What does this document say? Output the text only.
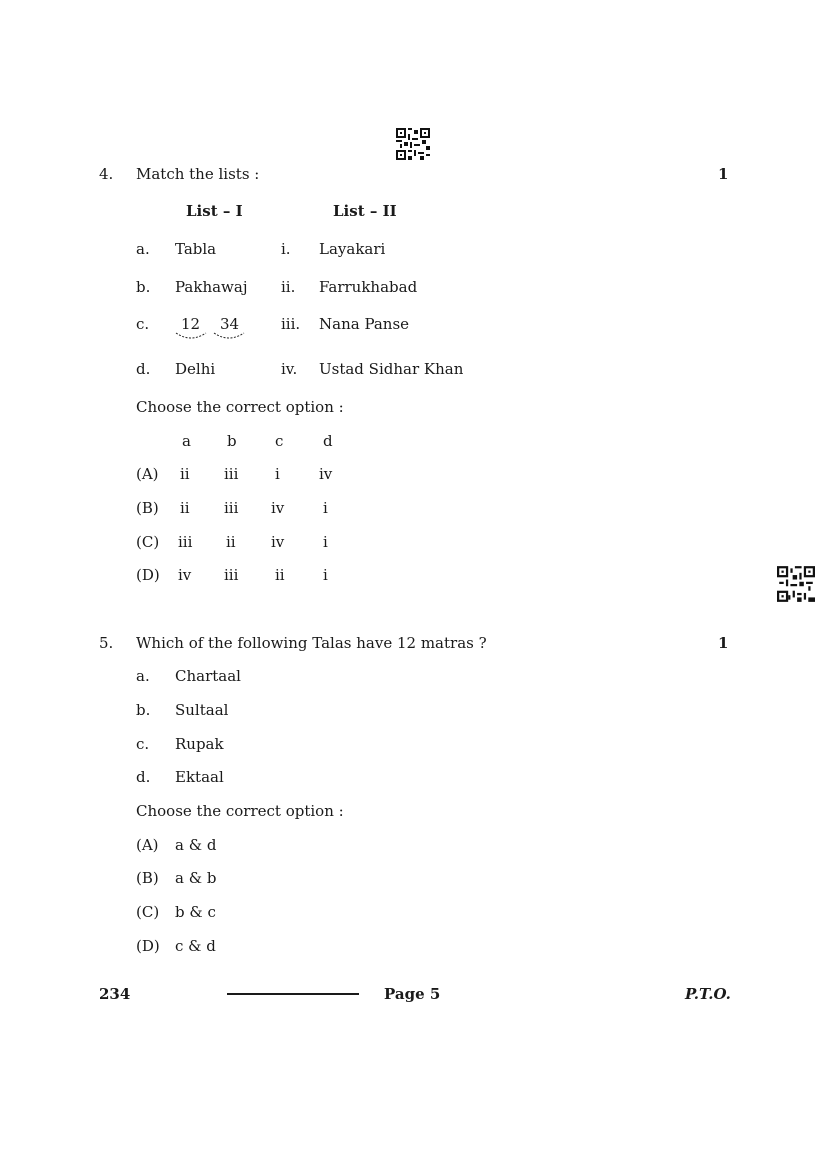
4. Match the lists :	1
List – I	List – II
a. Tabla	i. Layakari
b. Pakhawaj ii. Farrukhabad
c. 12 34	iii. Nana Panse
d. Delhi	iv. Ustad Sidhar Khan
Choose the correct option :
a b	c	d
(A) ii iii i	iv
(B) ii iii iv	i
(C) iii ii iv	i
(D) iv iii ii	i
5. Which of the following Talas have 12 matras ?	1
a. Chartaal
b. Sultaal
c. Rupak
d. Ektaal
Choose the correct option :
(A) a & d
(B) a & b
(C) b & c
(D) c & d
234	Page 5	P.T.O.
